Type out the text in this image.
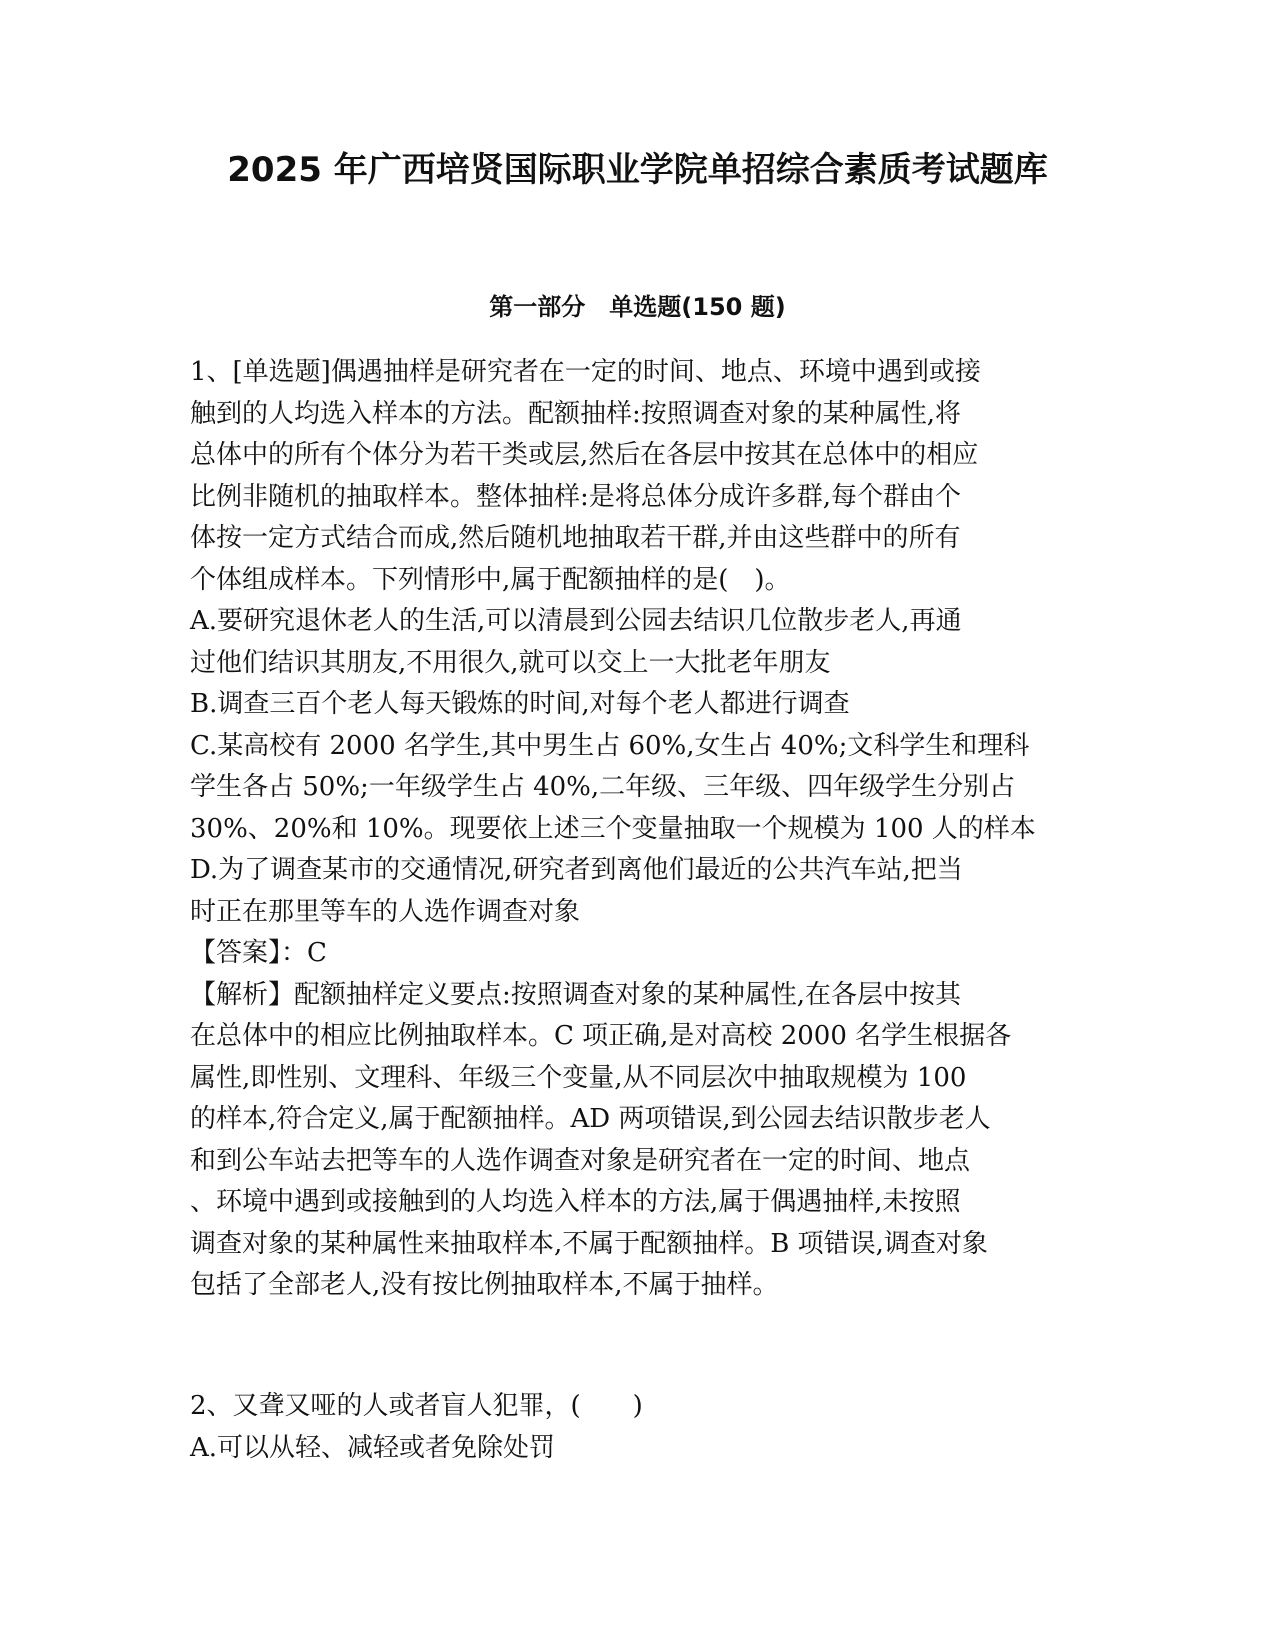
2025 年广西培贤国际职业学院单招综合素质考试题库
第一部分　单选题(150 题)
1、[单选题]偶遇抽样是研究者在一定的时间、地点、环境中遇到或接
触到的人均选入样本的方法。配额抽样:按照调查对象的某种属性,将
总体中的所有个体分为若干类或层,然后在各层中按其在总体中的相应
比例非随机的抽取样本。整体抽样:是将总体分成许多群,每个群由个
体按一定方式结合而成,然后随机地抽取若干群,并由这些群中的所有
个体组成样本。下列情形中,属于配额抽样的是(　)。
A.要研究退休老人的生活,可以清晨到公园去结识几位散步老人,再通
过他们结识其朋友,不用很久,就可以交上一大批老年朋友
B.调查三百个老人每天锻炼的时间,对每个老人都进行调查
C.某高校有 2000 名学生,其中男生占 60%,女生占 40%;文科学生和理科
学生各占 50%;一年级学生占 40%,二年级、三年级、四年级学生分别占
30%、20%和 10%。现要依上述三个变量抽取一个规模为 100 人的样本
D.为了调查某市的交通情况,研究者到离他们最近的公共汽车站,把当
时正在那里等车的人选作调查对象
【答案】：C
【解析】配额抽样定义要点:按照调查对象的某种属性,在各层中按其
在总体中的相应比例抽取样本。C 项正确,是对高校 2000 名学生根据各
属性,即性别、文理科、年级三个变量,从不同层次中抽取规模为 100
的样本,符合定义,属于配额抽样。AD 两项错误,到公园去结识散步老人
和到公车站去把等车的人选作调查对象是研究者在一定的时间、地点
、环境中遇到或接触到的人均选入样本的方法,属于偶遇抽样,未按照
调查对象的某种属性来抽取样本,不属于配额抽样。B 项错误,调查对象
包括了全部老人,没有按比例抽取样本,不属于抽样。
2、又聋又哑的人或者盲人犯罪，(　　)
A.可以从轻、减轻或者免除处罚
